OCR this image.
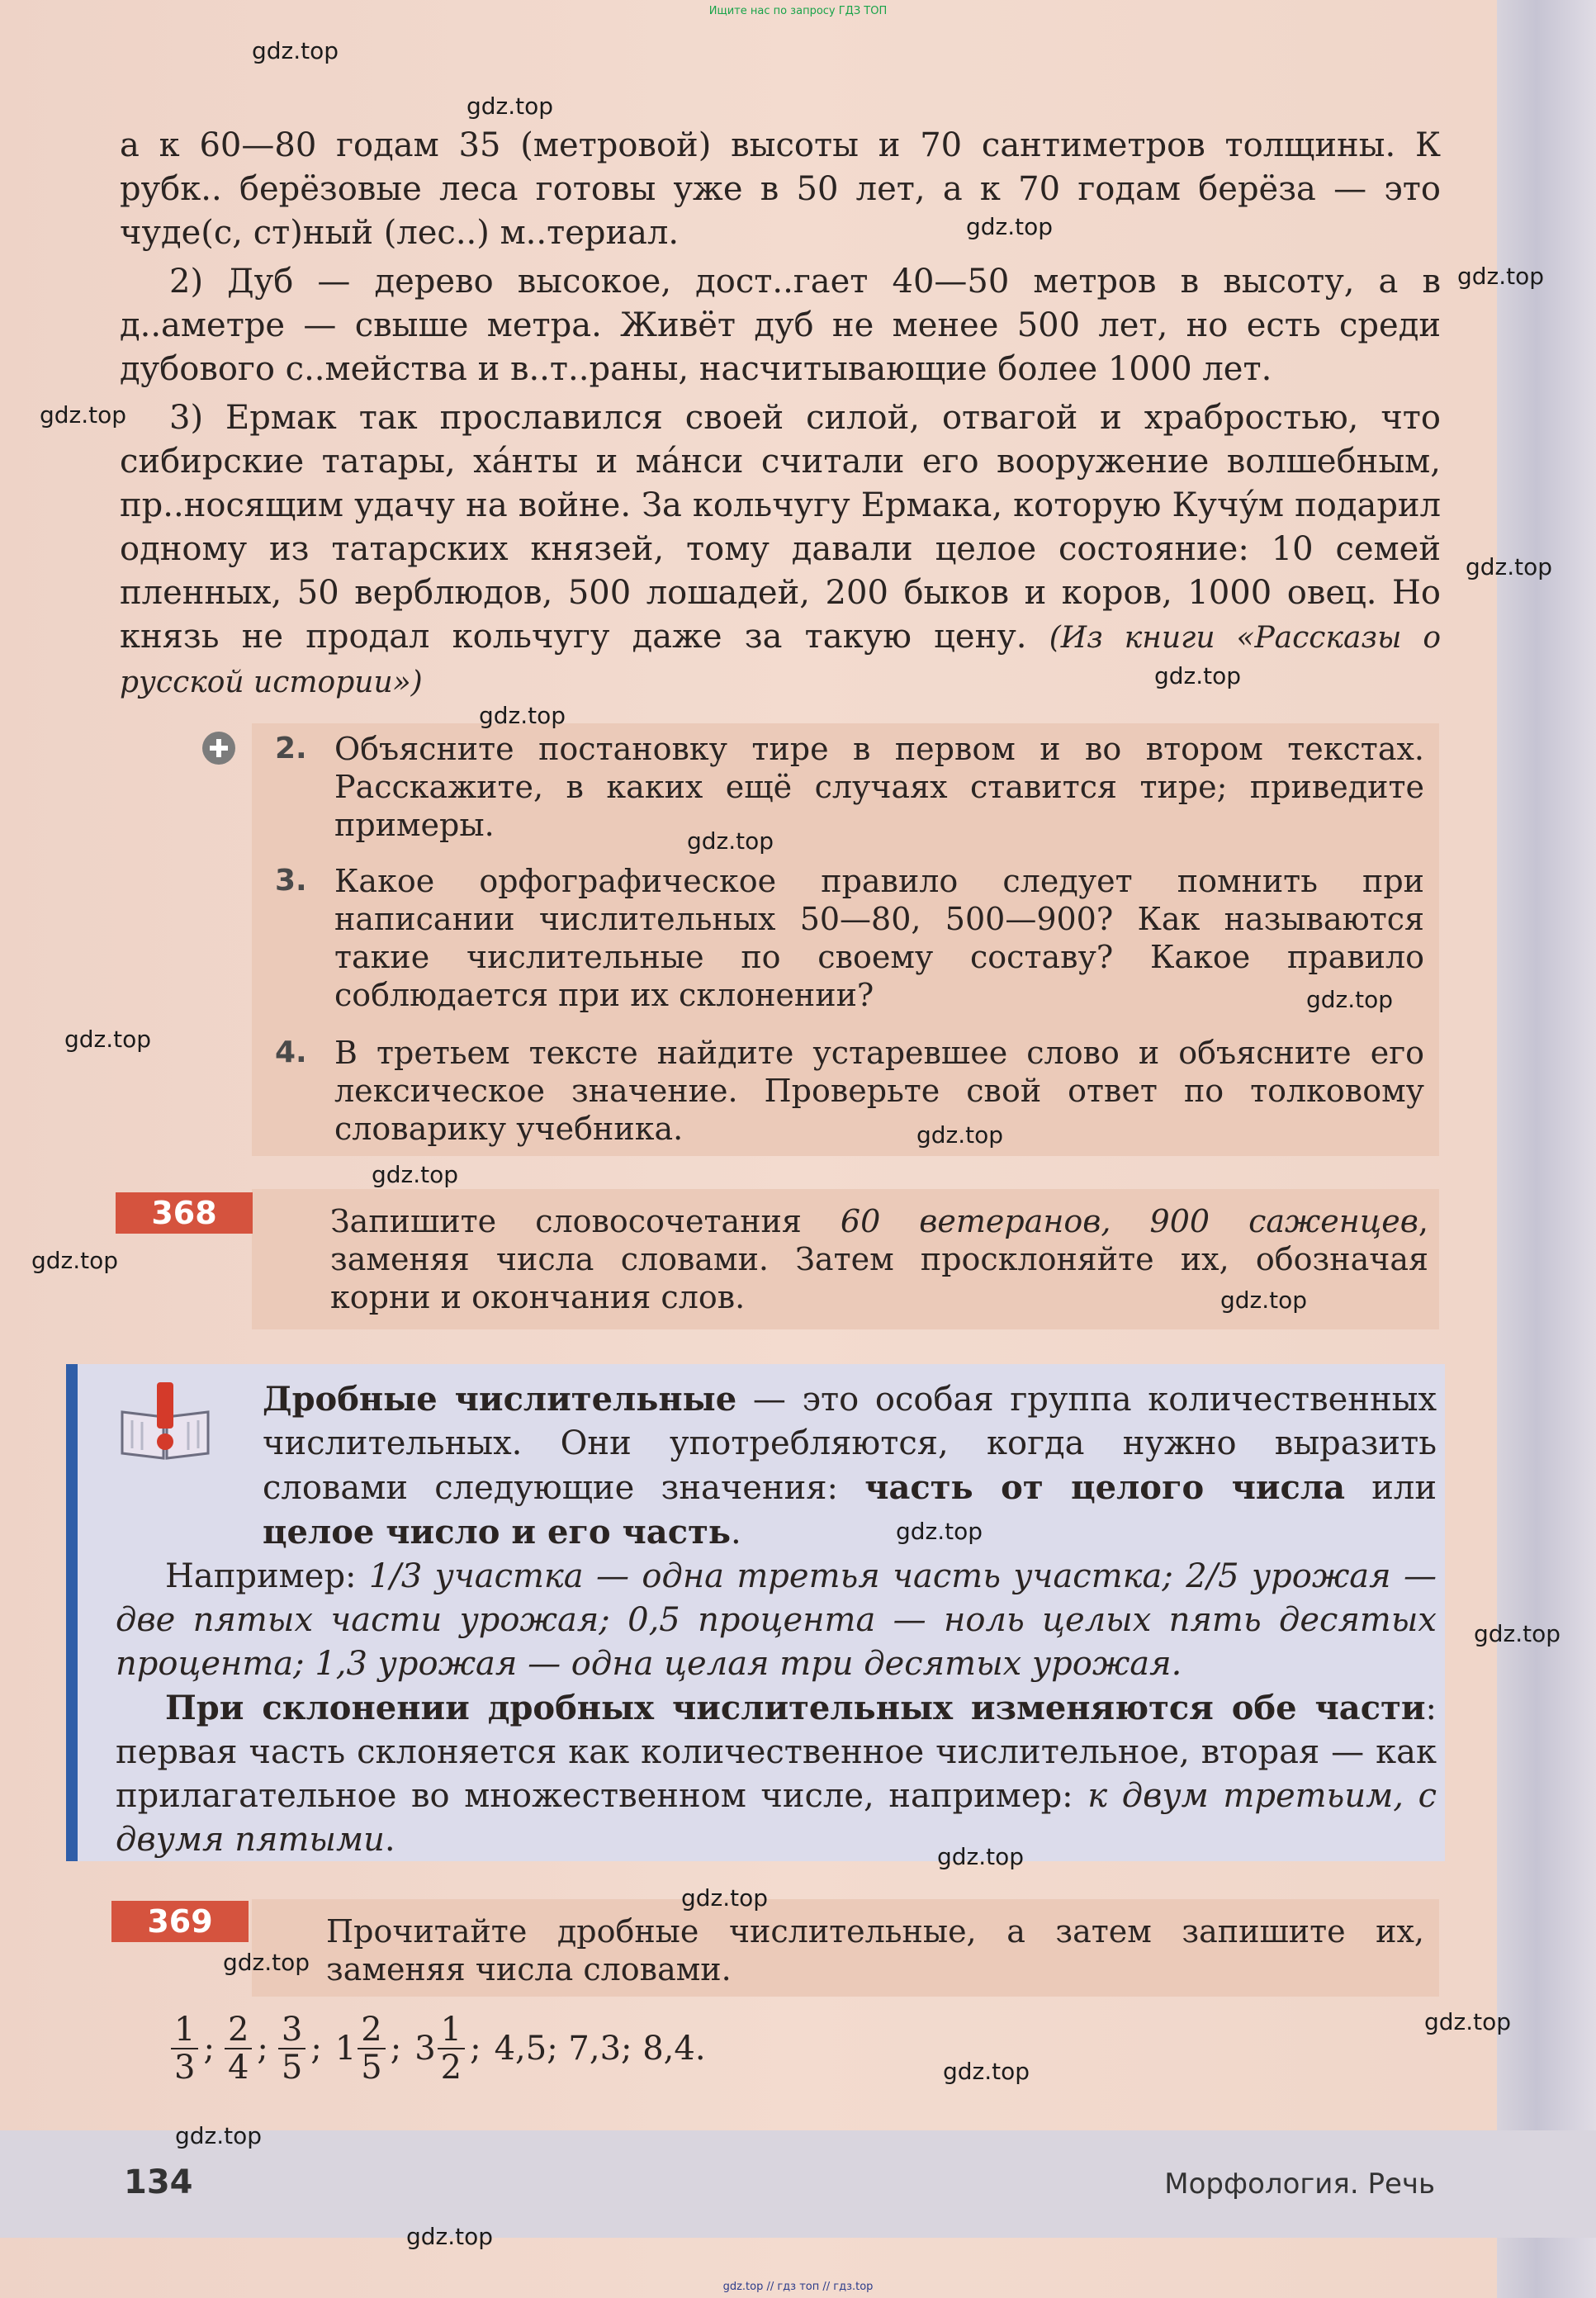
Ищите нас по запросу ГДЗ ТОП

а к 60—80 годам 35 (метровой) высоты и 70 сантиметров толщины. К рубк.. берёзовые леса готовы уже в 50 лет, а к 70 годам берёза — это чуде(с, ст)ный (лес..) м..териал.

2) Дуб — дерево высокое, дост..гает 40—50 метров в высоту, а в д..аметре — свыше метра. Живёт дуб не менее 500 лет, но есть среди дубового с..мейства и в..т..раны, насчитывающие более 1000 лет.

3) Ермак так прославился своей силой, отвагой и храбростью, что сибирские татары, ха́нты и ма́нси считали его вооружение волшебным, пр..носящим удачу на войне. За кольчугу Ермака, которую Кучу́м подарил одному из татарских князей, тому давали целое состояние: 10 семей пленных, 50 верблюдов, 500 лошадей, 200 быков и коров, 1000 овец. Но князь не продал кольчугу даже за такую цену. (Из книги «Рассказы о русской истории»)

2. Объясните постановку тире в первом и во втором текстах. Расскажите, в каких ещё случаях ставится тире; приведите примеры.
3. Какое орфографическое правило следует помнить при написании числительных 50—80, 500—900? Как называются такие числительные по своему составу? Какое правило соблюдается при их склонении?
4. В третьем тексте найдите устаревшее слово и объясните его лексическое значение. Проверьте свой ответ по толковому словарику учебника.
368	Запишите словосочетания 60 ветеранов, 900 саженцев, заменяя числа словами. Затем просклоняйте их, обозначая корни и окончания слов.

Дробные числительные — это особая группа количественных числительных. Они употребляются, когда нужно выразить словами следующие значения: часть от целого числа или целое число и его часть.

Например: 1/3 участка — одна третья часть участка; 2/5 урожая — две пятых части урожая; 0,5 процента — ноль целых пять десятых процента; 1,3 урожая — одна целая три десятых урожая.

При склонении дробных числительных изменяются обе части: первая часть склоняется как количественное числительное, вторая — как прилагательное во множественном числе, например: к двум третьим, с двумя пятыми.

369	Прочитайте дробные числительные, а затем запишите их, заменяя числа словами.
$\frac{1}{3}$ ; $\frac{2}{4}$ ; $\frac{3}{5}$ ; $1 \frac{2}{5}$ ; $3 \frac{1}{2}$ ; 4,5; 7,3; 8,4.
134	Морфология. Речь
gdz.top // гдз топ // гдз.top
gdz.top
gdz.top
gdz.top
gdz.top
gdz.top
gdz.top
gdz.top
gdz.top
gdz.top
gdz.top
gdz.top
gdz.top
gdz.top
gdz.top
gdz.top
gdz.top
gdz.top
gdz.top
gdz.top
gdz.top
gdz.top
gdz.top
gdz.top
gdz.top
